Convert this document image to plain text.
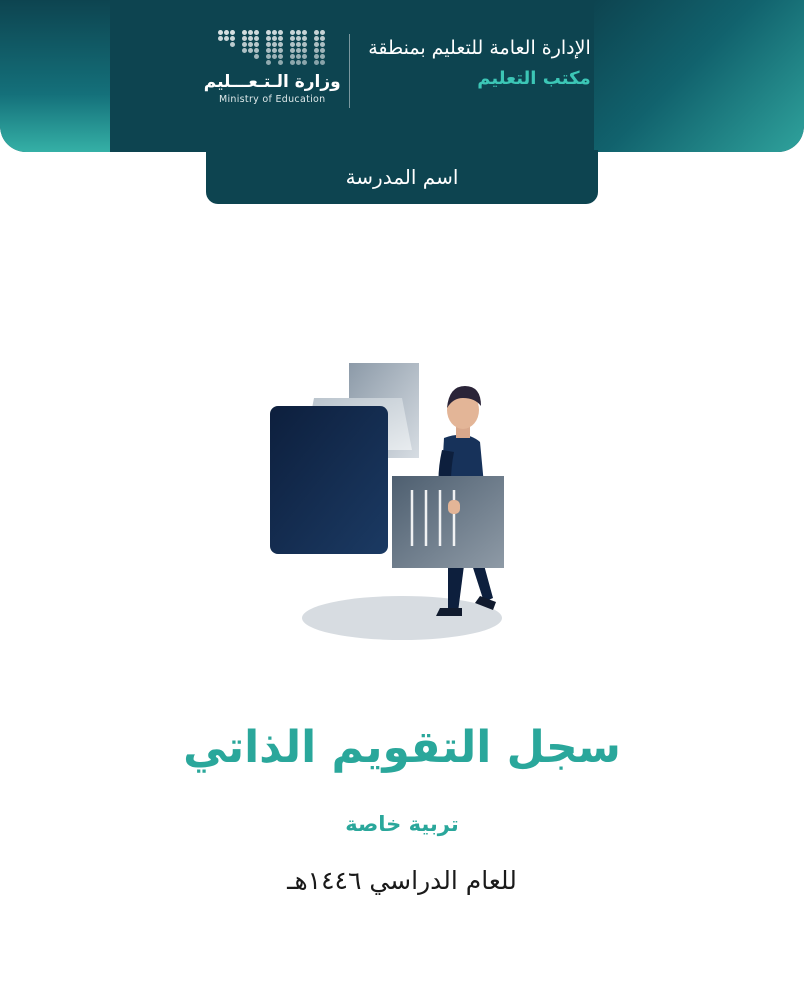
وزارة الـتـعـــليم
Ministry of Education
الإدارة العامة للتعليم بمنطقة
مكتب التعليم
اسم المدرسة
سجل التقويم الذاتي
تربية خاصة
للعام الدراسي ١٤٤٦هـ
